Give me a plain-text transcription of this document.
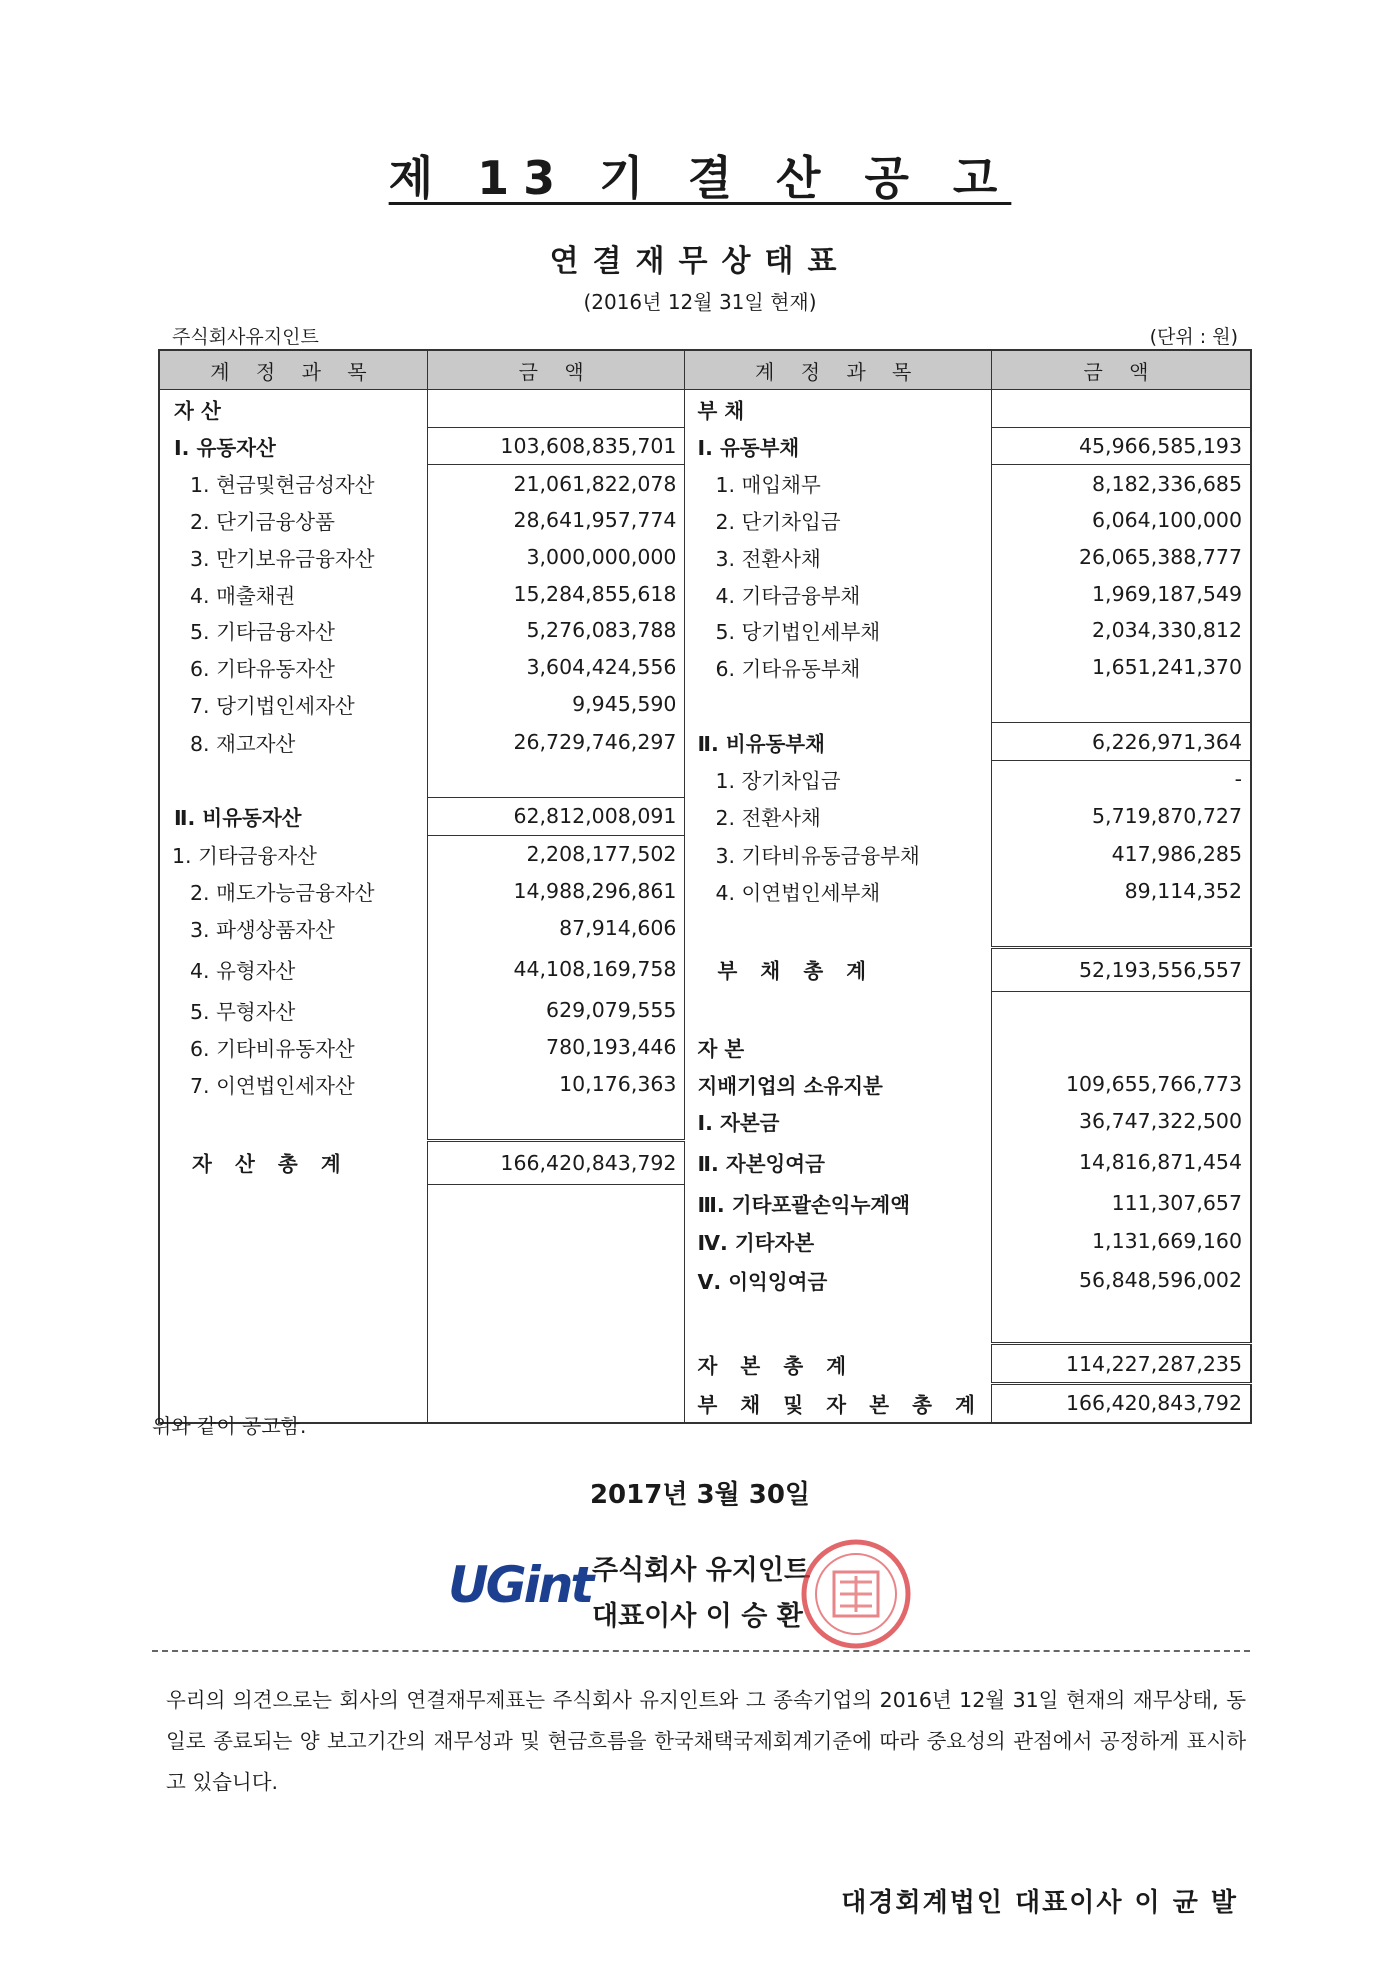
제 13 기 결 산 공 고
연결재무상태표
(2016년 12월 31일 현재)
주식회사유지인트	(단위 : 원)
계 정 과 목	금 액	계 정 과 목	금 액
자 산		부 채	
Ⅰ. 유동자산	103,608,835,701	Ⅰ. 유동부채	45,966,585,193
1. 현금및현금성자산	21,061,822,078	1. 매입채무	8,182,336,685
2. 단기금융상품	28,641,957,774	2. 단기차입금	6,064,100,000
3. 만기보유금융자산	3,000,000,000	3. 전환사채	26,065,388,777
4. 매출채권	15,284,855,618	4. 기타금융부채	1,969,187,549
5. 기타금융자산	5,276,083,788	5. 당기법인세부채	2,034,330,812
6. 기타유동자산	3,604,424,556	6. 기타유동부채	1,651,241,370
7. 당기법인세자산	9,945,590		
8. 재고자산	26,729,746,297	Ⅱ. 비유동부채	6,226,971,364
		1. 장기차입금	-
Ⅱ. 비유동자산	62,812,008,091	2. 전환사채	5,719,870,727
1. 기타금융자산	2,208,177,502	3. 기타비유동금융부채	417,986,285
2. 매도가능금융자산	14,988,296,861	4. 이연법인세부채	89,114,352
3. 파생상품자산	87,914,606		
4. 유형자산	44,108,169,758	부 채 총 계	52,193,556,557
5. 무형자산	629,079,555		
6. 기타비유동자산	780,193,446	자 본	
7. 이연법인세자산	10,176,363	지배기업의 소유지분	109,655,766,773
		Ⅰ. 자본금	36,747,322,500
자 산 총 계	166,420,843,792	Ⅱ. 자본잉여금	14,816,871,454
		Ⅲ. 기타포괄손익누계액	111,307,657
		Ⅳ. 기타자본	1,131,669,160
		Ⅴ. 이익잉여금	56,848,596,002

		자 본 총 계	114,227,287,235
		부 채 및 자 본 총 계	166,420,843,792
위와 같이 공고함.
2017년 3월 30일
UGint 주식회사 유지인트
대표이사 이 승 환
우리의 의견으로는 회사의 연결재무제표는 주식회사 유지인트와 그 종속기업의 2016년 12월 31일 현재의 재무상태, 동일로 종료되는 양 보고기간의 재무성과 및 현금흐름을 한국채택국제회계기준에 따라 중요성의 관점에서 공정하게 표시하고 있습니다.
대경회계법인 대표이사 이 균 발
